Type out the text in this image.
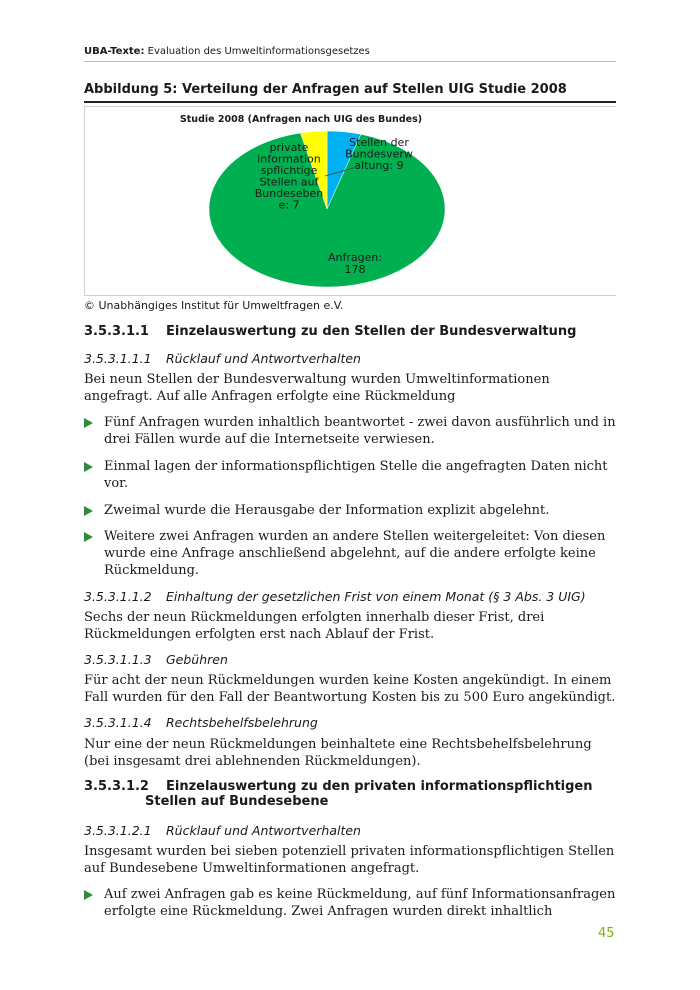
UBA-Texte: Evaluation des Umweltinformationsgesetzes
Abbildung 5: Verteilung der Anfragen auf Stellen UIG Studie 2008
Studie 2008 (Anfragen nach UIG des Bundes)
private information spflichtige Stellen auf Bundeseben e: 7
Stellen der Bundesverw altung: 9
Anfragen: 178
© Unabhängiges Institut für Umweltfragen e.V.
3.5.3.1.1 Einzelauswertung zu den Stellen der Bundesverwaltung
3.5.3.1.1.1 Rücklauf und Antwortverhalten
Bei neun Stellen der Bundesverwaltung wurden Umweltinformationen angefragt. Auf alle Anfragen erfolgte eine Rückmeldung
Fünf Anfragen wurden inhaltlich beantwortet - zwei davon ausführlich und in drei Fällen wurde auf die Internetseite verwiesen.
Einmal lagen der informationspflichtigen Stelle die angefragten Daten nicht vor.
Zweimal wurde die Herausgabe der Information explizit abgelehnt.
Weitere zwei Anfragen wurden an andere Stellen weitergeleitet: Von diesen wurde eine Anfrage anschließend abgelehnt, auf die andere erfolgte keine Rückmeldung.
3.5.3.1.1.2 Einhaltung der gesetzlichen Frist von einem Monat (§ 3 Abs. 3 UIG)
Sechs der neun Rückmeldungen erfolgten innerhalb dieser Frist, drei Rückmeldungen erfolgten erst nach Ablauf der Frist.
3.5.3.1.1.3 Gebühren
Für acht der neun Rückmeldungen wurden keine Kosten angekündigt. In einem Fall wurden für den Fall der Beantwortung Kosten bis zu 500 Euro angekündigt.
3.5.3.1.1.4 Rechtsbehelfsbelehrung
Nur eine der neun Rückmeldungen beinhaltete eine Rechtsbehelfsbelehrung (bei insgesamt drei ablehnenden Rückmeldungen).
3.5.3.1.2 Einzelauswertung zu den privaten informationspflichtigen
Stellen auf Bundesebene
3.5.3.1.2.1 Rücklauf und Antwortverhalten
Insgesamt wurden bei sieben potenziell privaten informationspflichtigen Stellen auf Bundesebene Umweltinformationen angefragt.
Auf zwei Anfragen gab es keine Rückmeldung, auf fünf Informationsanfragen erfolgte eine Rückmeldung. Zwei Anfragen wurden direkt inhaltlich
45
